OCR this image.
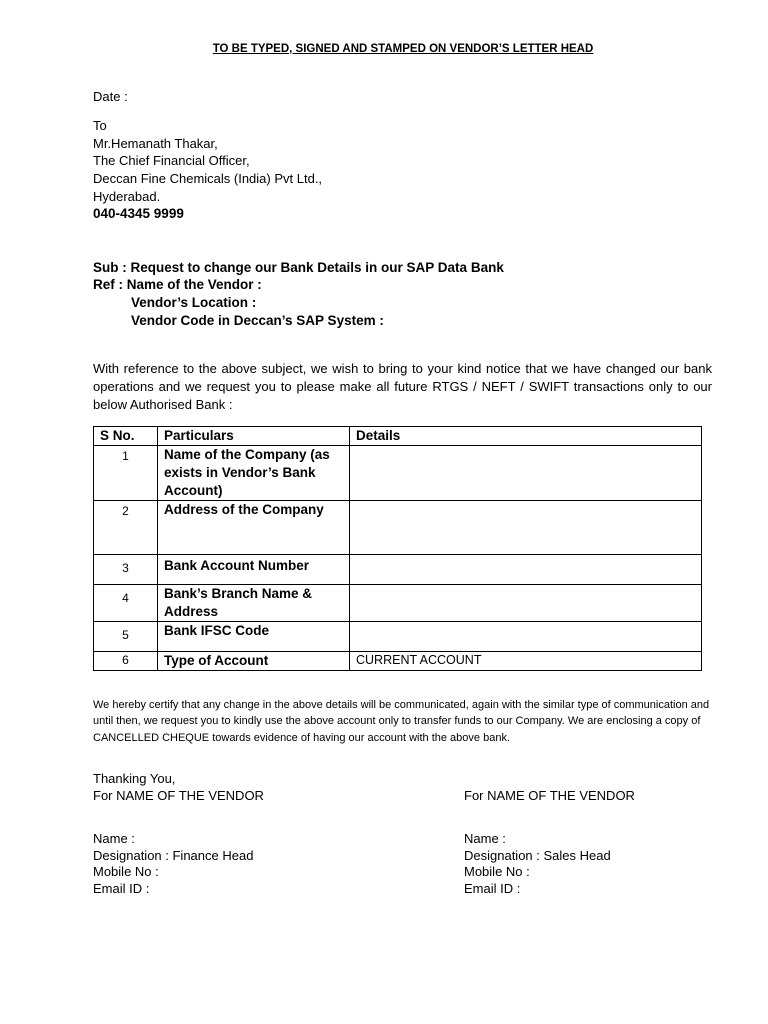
TO BE TYPED, SIGNED AND STAMPED ON VENDOR’S LETTER HEAD
Date :
To
Mr.Hemanath Thakar,
The Chief Financial Officer,
Deccan Fine Chemicals (India) Pvt Ltd.,
Hyderabad.
040-4345 9999
Sub : Request to change our Bank Details in our SAP Data Bank
Ref : Name of the Vendor :
Vendor’s Location :
Vendor Code in Deccan’s SAP System :
With reference to the above subject, we wish to bring to your kind notice that we have changed our bank operations and we request you to please make all future RTGS / NEFT / SWIFT transactions only to our below Authorised Bank :
S No.	Particulars	Details
1	Name of the Company (as exists in Vendor’s Bank Account)	
2	Address of the Company	
3	Bank Account Number	
4	Bank’s Branch Name & Address	
5	Bank IFSC Code	
6	Type of Account	CURRENT ACCOUNT
We hereby certify that any change in the above details will be communicated, again with the similar type of communication and until then, we request you to kindly use the above account only to transfer funds to our Company. We are enclosing a copy of CANCELLED CHEQUE towards evidence of having our account with the above bank.
Thanking You,
For NAME OF THE VENDOR
Name :
Designation : Finance Head
Mobile No :
Email ID :
For NAME OF THE VENDOR
Name :
Designation : Sales Head
Mobile No :
Email ID :
